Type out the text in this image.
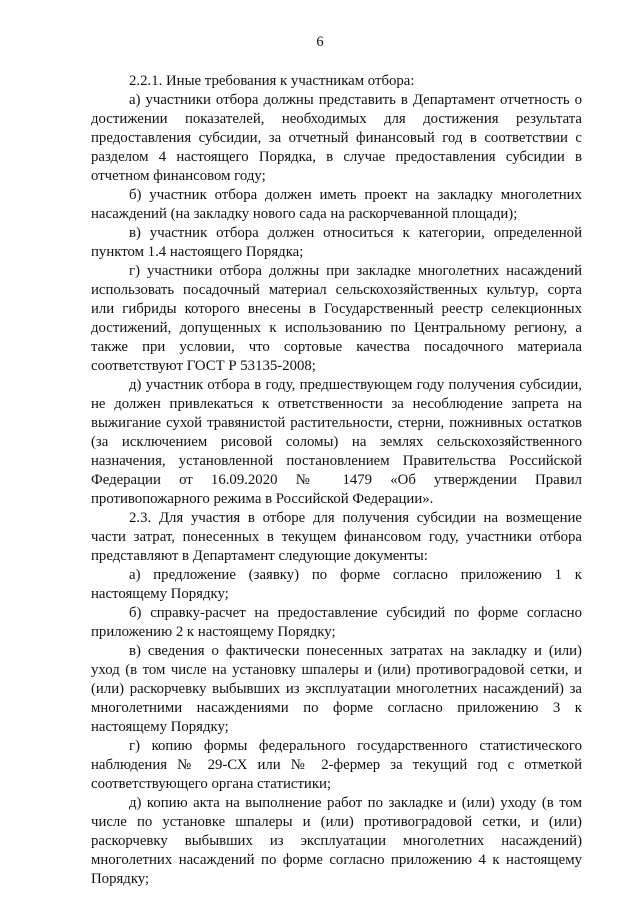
6

2.2.1. Иные требования к участникам отбора:

а) участники отбора должны представить в Департамент отчетность о достижении показателей, необходимых для достижения результата предоставления субсидии, за отчетный финансовый год в соответствии с разделом 4 настоящего Порядка, в случае предоставления субсидии в отчетном финансовом году;

б) участник отбора должен иметь проект на закладку многолетних насаждений (на закладку нового сада на раскорчеванной площади);

в) участник отбора должен относиться к категории, определенной пунктом 1.4 настоящего Порядка;

г) участники отбора должны при закладке многолетних насаждений использовать посадочный материал сельскохозяйственных культур, сорта или гибриды которого внесены в Государственный реестр селекционных достижений, допущенных к использованию по Центральному региону, а также при условии, что сортовые качества посадочного материала соответствуют ГОСТ Р 53135-2008;

д) участник отбора в году, предшествующем году получения субсидии, не должен привлекаться к ответственности за несоблюдение запрета на выжигание сухой травянистой растительности, стерни, пожнивных остатков (за исключением рисовой соломы) на землях сельскохозяйственного назначения, установленной постановлением Правительства Российской Федерации от 16.09.2020 № 1479 «Об утверждении Правил противопожарного режима в Российской Федерации».

2.3. Для участия в отборе для получения субсидии на возмещение части затрат, понесенных в текущем финансовом году, участники отбора представляют в Департамент следующие документы:

а) предложение (заявку) по форме согласно приложению 1 к настоящему Порядку;

б) справку-расчет на предоставление субсидий по форме согласно приложению 2 к настоящему Порядку;

в) сведения о фактически понесенных затратах на закладку и (или) уход (в том числе на установку шпалеры и (или) противоградовой сетки, и (или) раскорчевку выбывших из эксплуатации многолетних насаждений) за многолетними насаждениями по форме согласно приложению 3 к настоящему Порядку;

г) копию формы федерального государственного статистического наблюдения № 29-СХ или № 2-фермер за текущий год с отметкой соответствующего органа статистики;

д) копию акта на выполнение работ по закладке и (или) уходу (в том числе по установке шпалеры и (или) противоградовой сетки, и (или) раскорчевку выбывших из эксплуатации многолетних насаждений) многолетних насаждений по форме согласно приложению 4 к настоящему Порядку;
